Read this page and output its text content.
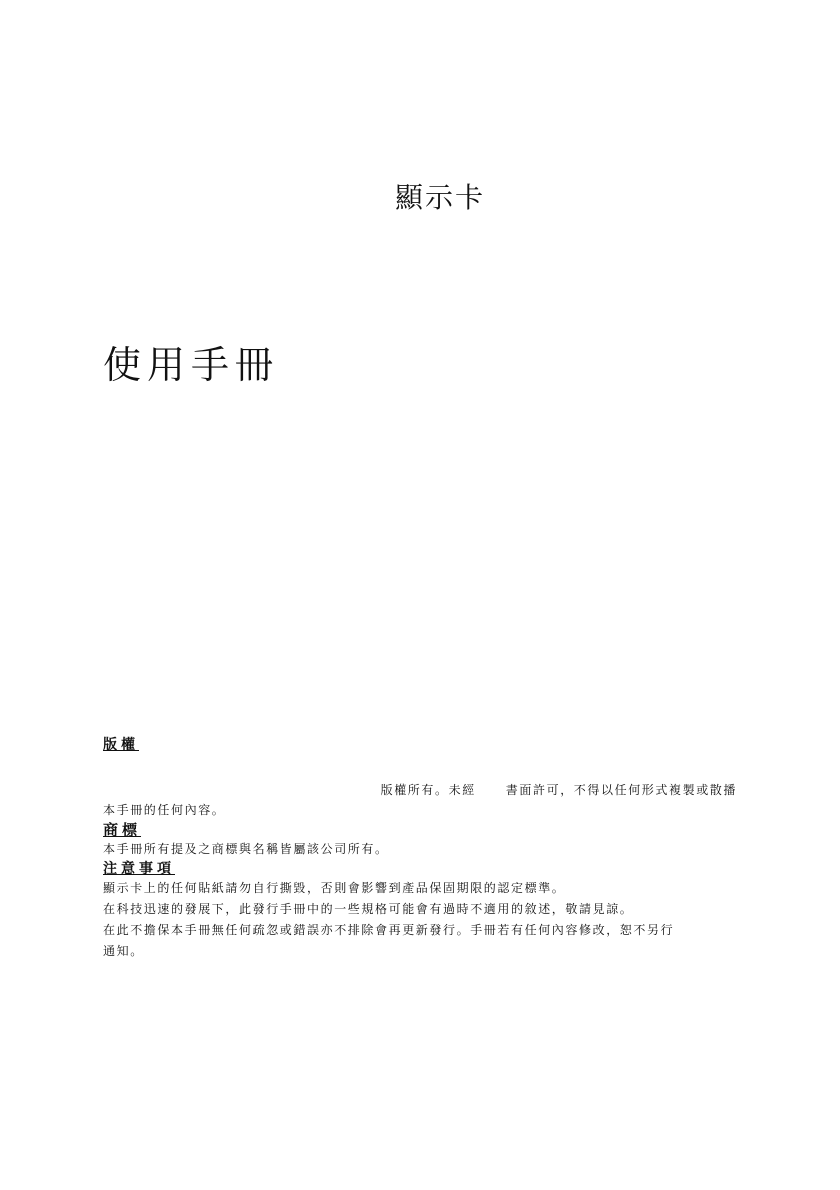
顯示卡
使用手冊
版權
版權所有。未經	書面許可，不得以任何形式複製或散播
本手冊的任何內容。
商標
本手冊所有提及之商標與名稱皆屬該公司所有。
注意事項
顯示卡上的任何貼紙請勿自行撕毀，否則會影響到產品保固期限的認定標準。
在科技迅速的發展下，此發行手冊中的一些規格可能會有過時不適用的敘述，敬請見諒。
在此不擔保本手冊無任何疏忽或錯誤亦不排除會再更新發行。手冊若有任何內容修改，恕不另行
通知。
